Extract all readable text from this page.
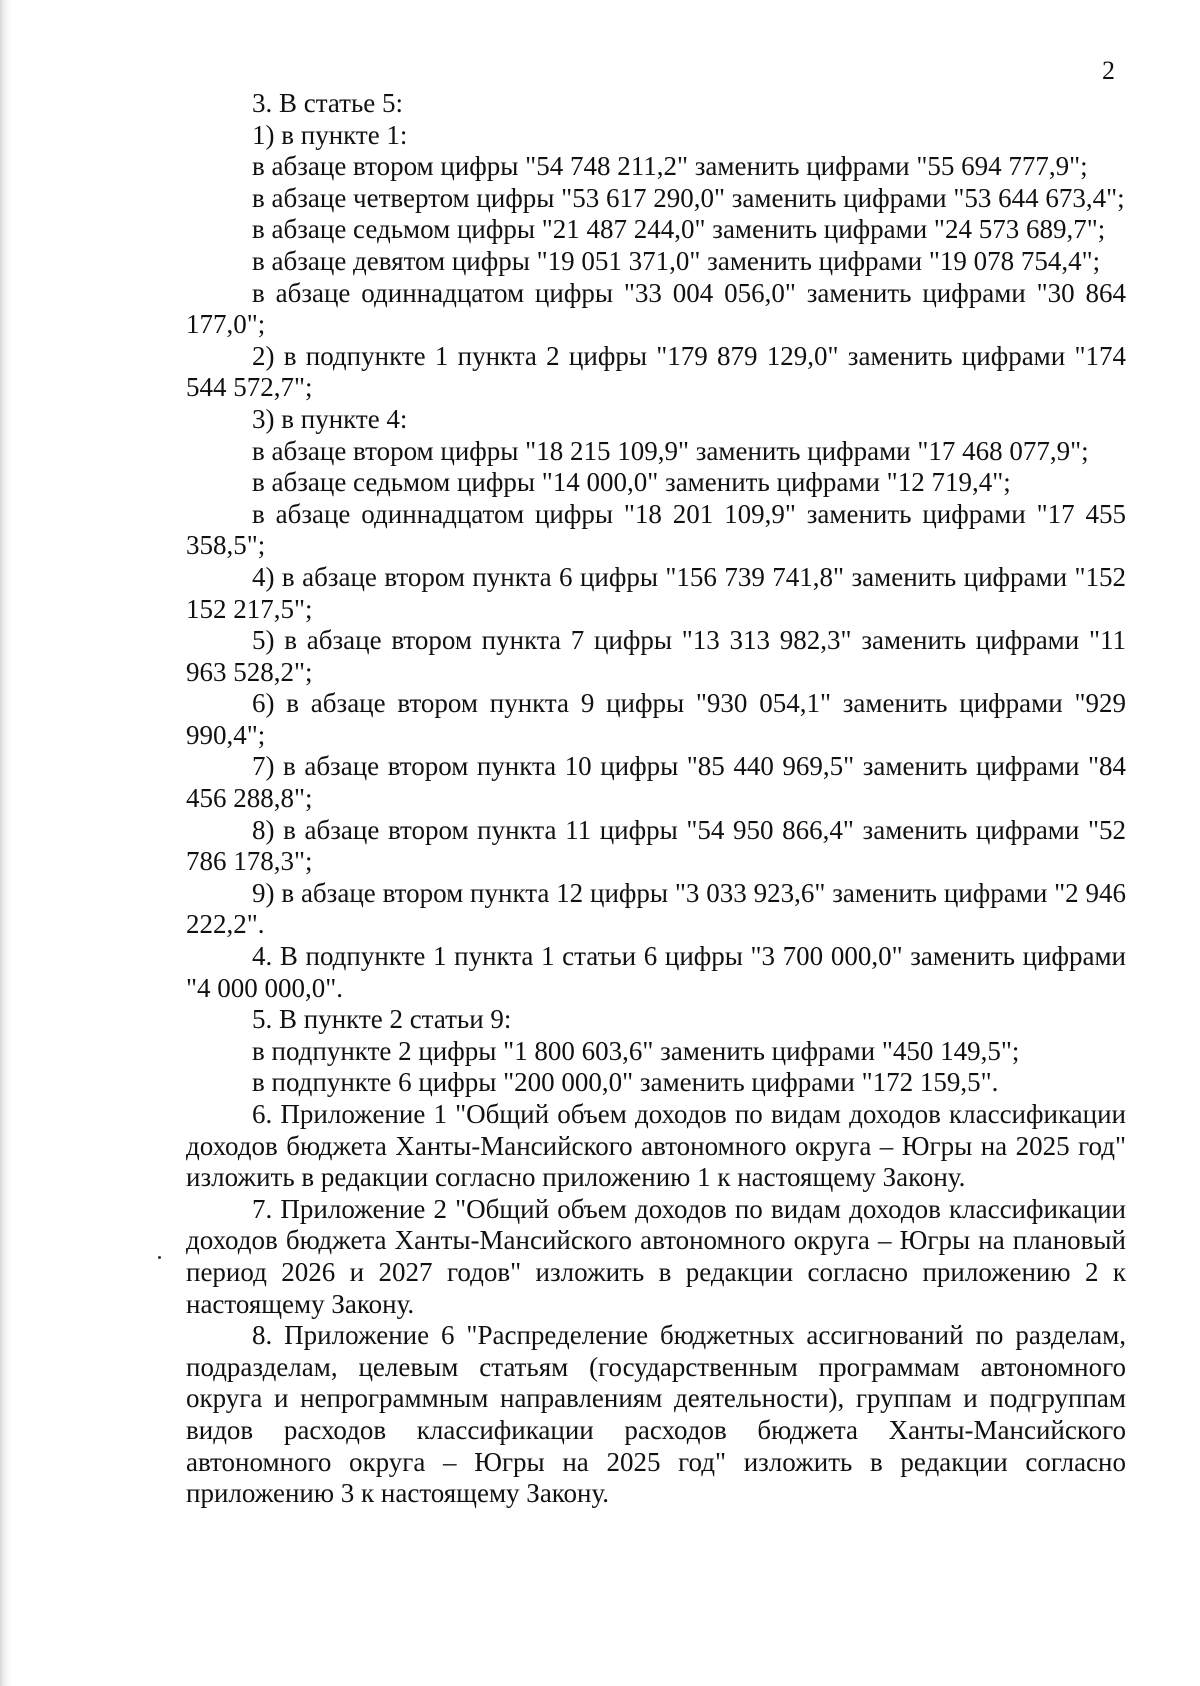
2

3. В статье 5:

1) в пункте 1:

в абзаце втором цифры "54 748 211,2" заменить цифрами "55 694 777,9";

в абзаце четвертом цифры "53 617 290,0" заменить цифрами "53 644 673,4";

в абзаце седьмом цифры "21 487 244,0" заменить цифрами "24 573 689,7";

в абзаце девятом цифры "19 051 371,0" заменить цифрами "19 078 754,4";

в абзаце одиннадцатом цифры "33 004 056,0" заменить цифрами "30 864 177,0";

2) в подпункте 1 пункта 2 цифры "179 879 129,0" заменить цифрами "174 544 572,7";

3) в пункте 4:

в абзаце втором цифры "18 215 109,9" заменить цифрами "17 468 077,9";

в абзаце седьмом цифры "14 000,0" заменить цифрами "12 719,4";

в абзаце одиннадцатом цифры "18 201 109,9" заменить цифрами "17 455 358,5";

4) в абзаце втором пункта 6 цифры "156 739 741,8" заменить цифрами "152 152 217,5";

5) в абзаце втором пункта 7 цифры "13 313 982,3" заменить цифрами "11 963 528,2";

6) в абзаце втором пункта 9 цифры "930 054,1" заменить цифрами "929 990,4";

7) в абзаце втором пункта 10 цифры "85 440 969,5" заменить цифрами "84 456 288,8";

8) в абзаце втором пункта 11 цифры "54 950 866,4" заменить цифрами "52 786 178,3";

9) в абзаце втором пункта 12 цифры "3 033 923,6" заменить цифрами "2 946 222,2".

4. В подпункте 1 пункта 1 статьи 6 цифры "3 700 000,0" заменить цифрами "4 000 000,0".

5. В пункте 2 статьи 9:

в подпункте 2 цифры "1 800 603,6" заменить цифрами "450 149,5";

в подпункте 6 цифры "200 000,0" заменить цифрами "172 159,5".

6. Приложение 1 "Общий объем доходов по видам доходов классификации доходов бюджета Ханты-Мансийского автономного округа – Югры на 2025 год" изложить в редакции согласно приложению 1 к настоящему Закону.

7. Приложение 2 "Общий объем доходов по видам доходов классификации доходов бюджета Ханты-Мансийского автономного округа – Югры на плановый период 2026 и 2027 годов" изложить в редакции согласно приложению 2 к настоящему Закону.

8. Приложение 6 "Распределение бюджетных ассигнований по разделам, подразделам, целевым статьям (государственным программам автономного округа и непрограммным направлениям деятельности), группам и подгруппам видов расходов классификации расходов бюджета Ханты-Мансийского автономного округа – Югры на 2025 год" изложить в редакции согласно приложению 3 к настоящему Закону.
